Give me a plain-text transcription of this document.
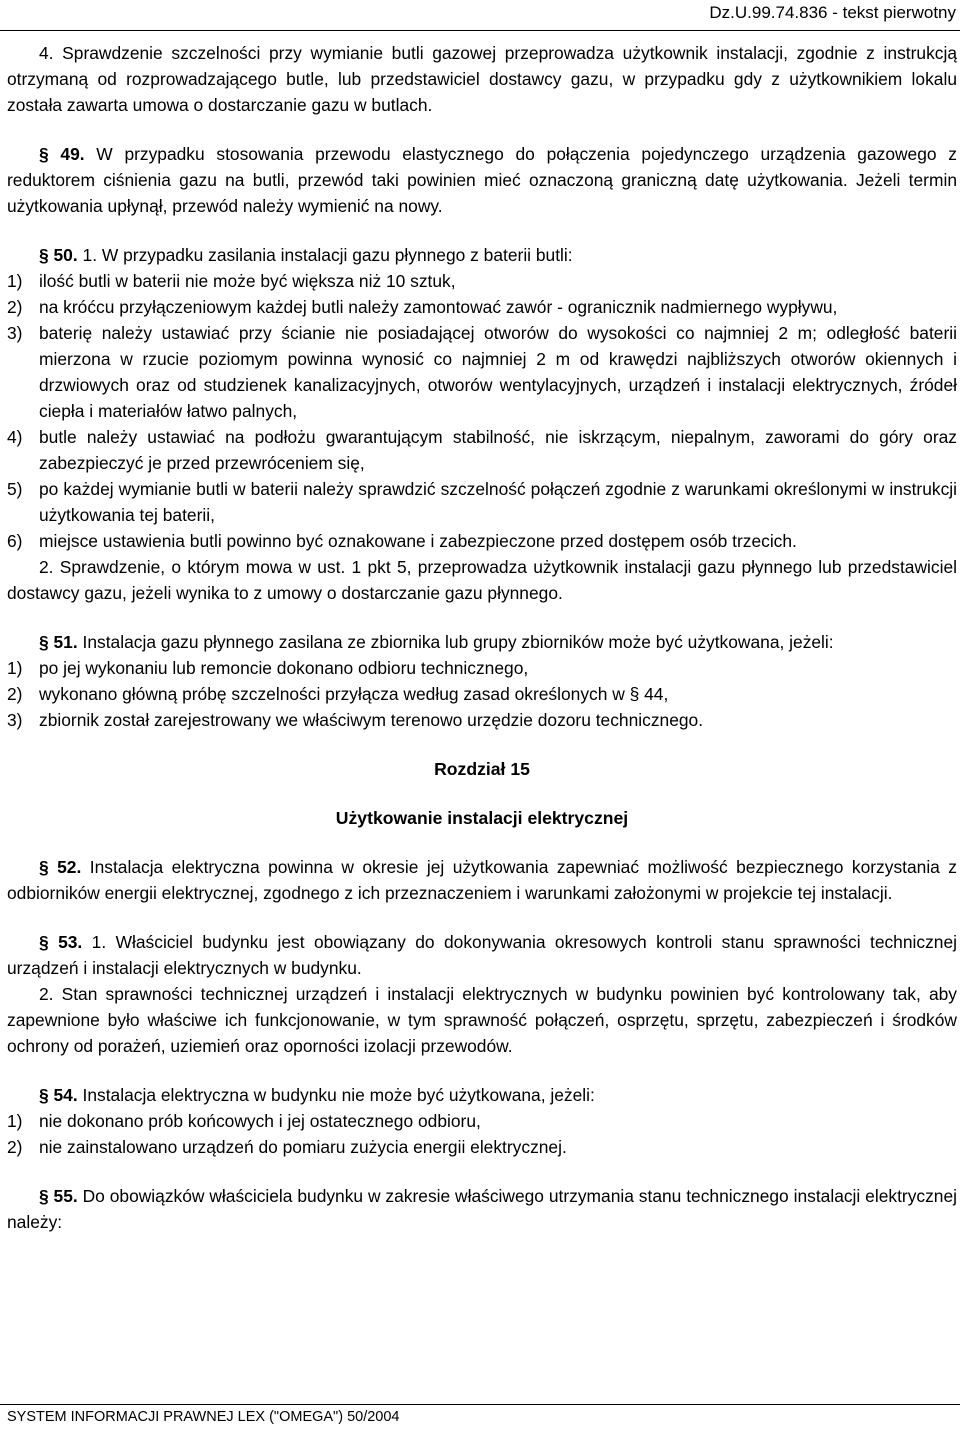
Dz.U.99.74.836 - tekst pierwotny

4. Sprawdzenie szczelności przy wymianie butli gazowej przeprowadza użytkownik instalacji, zgodnie z instrukcją otrzymaną od rozprowadzającego butle, lub przedstawiciel dostawcy gazu, w przypadku gdy z użytkownikiem lokalu została zawarta umowa o dostarczanie gazu w butlach.

§ 49. W przypadku stosowania przewodu elastycznego do połączenia pojedynczego urządzenia gazowego z reduktorem ciśnienia gazu na butli, przewód taki powinien mieć oznaczoną graniczną datę użytkowania. Jeżeli termin użytkowania upłynął, przewód należy wymienić na nowy.

§ 50. 1. W przypadku zasilania instalacji gazu płynnego z baterii butli:

1) ilość butli w baterii nie może być większa niż 10 sztuk,
2) na króćcu przyłączeniowym każdej butli należy zamontować zawór - ogranicznik nadmiernego wypływu,
3) baterię należy ustawiać przy ścianie nie posiadającej otworów do wysokości co najmniej 2 m; odległość baterii mierzona w rzucie poziomym powinna wynosić co najmniej 2 m od krawędzi najbliższych otworów okiennych i drzwiowych oraz od studzienek kanalizacyjnych, otworów wentylacyjnych, urządzeń i instalacji elektrycznych, źródeł ciepła i materiałów łatwo palnych,
4) butle należy ustawiać na podłożu gwarantującym stabilność, nie iskrzącym, niepalnym, zaworami do góry oraz zabezpieczyć je przed przewróceniem się,
5) po każdej wymianie butli w baterii należy sprawdzić szczelność połączeń zgodnie z warunkami określonymi w instrukcji użytkowania tej baterii,
6) miejsce ustawienia butli powinno być oznakowane i zabezpieczone przed dostępem osób trzecich.

2. Sprawdzenie, o którym mowa w ust. 1 pkt 5, przeprowadza użytkownik instalacji gazu płynnego lub przedstawiciel dostawcy gazu, jeżeli wynika to z umowy o dostarczanie gazu płynnego.

§ 51. Instalacja gazu płynnego zasilana ze zbiornika lub grupy zbiorników może być użytkowana, jeżeli:

1) po jej wykonaniu lub remoncie dokonano odbioru technicznego,
2) wykonano główną próbę szczelności przyłącza według zasad określonych w § 44,
3) zbiornik został zarejestrowany we właściwym terenowo urzędzie dozoru technicznego.

Rozdział 15

Użytkowanie instalacji elektrycznej

§ 52. Instalacja elektryczna powinna w okresie jej użytkowania zapewniać możliwość bezpiecznego korzystania z odbiorników energii elektrycznej, zgodnego z ich przeznaczeniem i warunkami założonymi w projekcie tej instalacji.

§ 53. 1. Właściciel budynku jest obowiązany do dokonywania okresowych kontroli stanu sprawności technicznej urządzeń i instalacji elektrycznych w budynku.

2. Stan sprawności technicznej urządzeń i instalacji elektrycznych w budynku powinien być kontrolowany tak, aby zapewnione było właściwe ich funkcjonowanie, w tym sprawność połączeń, osprzętu, sprzętu, zabezpieczeń i środków ochrony od porażeń, uziemień oraz oporności izolacji przewodów.

§ 54. Instalacja elektryczna w budynku nie może być użytkowana, jeżeli:

1) nie dokonano prób końcowych i jej ostatecznego odbioru,
2) nie zainstalowano urządzeń do pomiaru zużycia energii elektrycznej.

§ 55. Do obowiązków właściciela budynku w zakresie właściwego utrzymania stanu technicznego instalacji elektrycznej należy:

SYSTEM INFORMACJI PRAWNEJ LEX ("OMEGA") 50/2004
